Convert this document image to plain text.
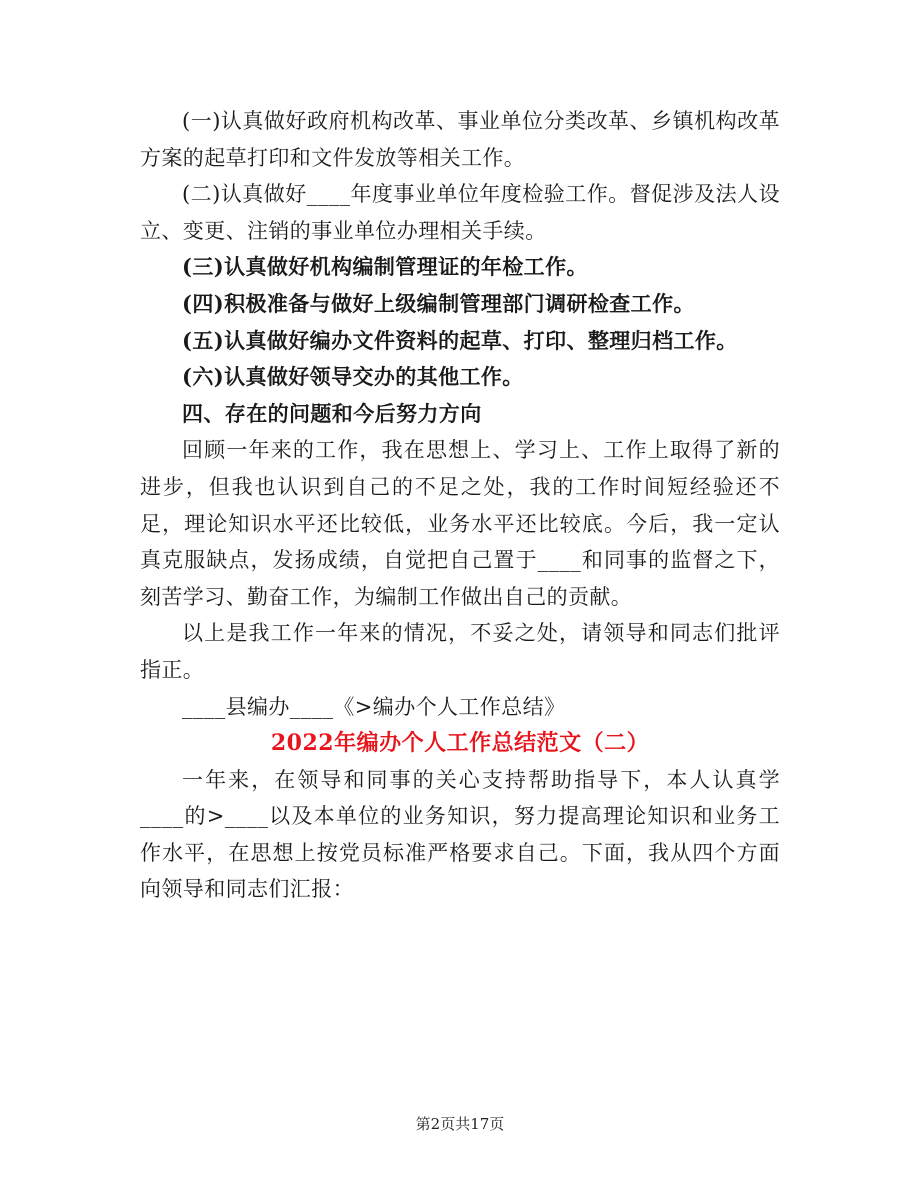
(一)认真做好政府机构改革、事业单位分类改革、乡镇机构改革方案的起草打印和文件发放等相关工作。

(二)认真做好____年度事业单位年度检验工作。督促涉及法人设立、变更、注销的事业单位办理相关手续。

(三)认真做好机构编制管理证的年检工作。

(四)积极准备与做好上级编制管理部门调研检查工作。

(五)认真做好编办文件资料的起草、打印、整理归档工作。

(六)认真做好领导交办的其他工作。

四、存在的问题和今后努力方向

回顾一年来的工作，我在思想上、学习上、工作上取得了新的进步，但我也认识到自己的不足之处，我的工作时间短经验还不足，理论知识水平还比较低，业务水平还比较底。今后，我一定认真克服缺点，发扬成绩，自觉把自己置于____和同事的监督之下，刻苦学习、勤奋工作，为编制工作做出自己的贡献。

以上是我工作一年来的情况，不妥之处，请领导和同志们批评指正。

____县编办____《>编办个人工作总结》

2022年编办个人工作总结范文（二）

一年来，在领导和同事的关心支持帮助指导下，本人认真学____的>____以及本单位的业务知识，努力提高理论知识和业务工作水平，在思想上按党员标准严格要求自己。下面，我从四个方面向领导和同志们汇报：

第2页共17页
